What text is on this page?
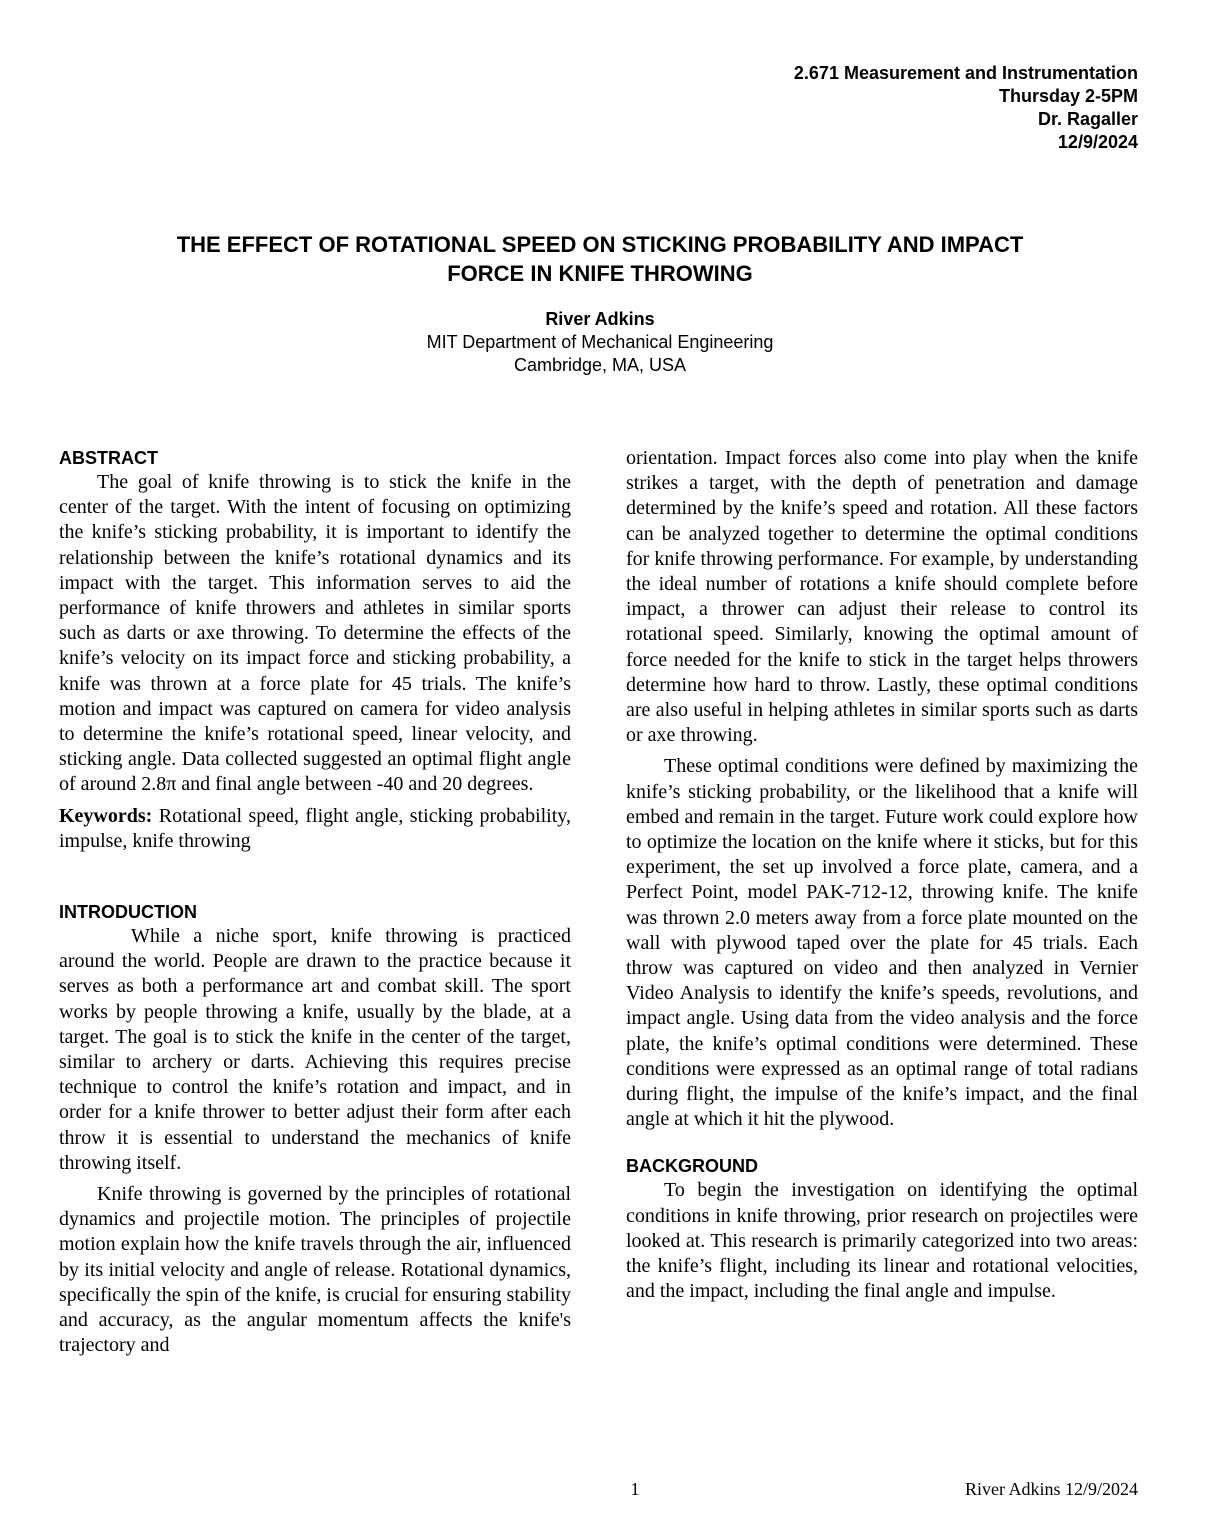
2.671 Measurement and Instrumentation
Thursday 2-5PM
Dr. Ragaller
12/9/2024
THE EFFECT OF ROTATIONAL SPEED ON STICKING PROBABILITY AND IMPACT
FORCE IN KNIFE THROWING
River Adkins
MIT Department of Mechanical Engineering
Cambridge, MA, USA
ABSTRACT

The goal of knife throwing is to stick the knife in the center of the target. With the intent of focusing on optimizing the knife’s sticking probability, it is important to identify the relationship between the knife’s rotational dynamics and its impact with the target. This information serves to aid the performance of knife throwers and athletes in similar sports such as darts or axe throwing. To determine the effects of the knife’s velocity on its impact force and sticking probability, a knife was thrown at a force plate for 45 trials. The knife’s motion and impact was captured on camera for video analysis to determine the knife’s rotational speed, linear velocity, and sticking angle. Data collected suggested an optimal flight angle of around 2.8π and final angle between -40 and 20 degrees.

Keywords: Rotational speed, flight angle, sticking probability, impulse, knife throwing

INTRODUCTION

While a niche sport, knife throwing is practiced around the world. People are drawn to the practice because it serves as both a performance art and combat skill. The sport works by people throwing a knife, usually by the blade, at a target. The goal is to stick the knife in the center of the target, similar to archery or darts. Achieving this requires precise technique to control the knife’s rotation and impact, and in order for a knife thrower to better adjust their form after each throw it is essential to understand the mechanics of knife throwing itself.

Knife throwing is governed by the principles of rotational dynamics and projectile motion. The principles of projectile motion explain how the knife travels through the air, influenced by its initial velocity and angle of release. Rotational dynamics, specifically the spin of the knife, is crucial for ensuring stability and accuracy, as the angular momentum affects the knife's trajectory and

orientation. Impact forces also come into play when the knife strikes a target, with the depth of penetration and damage determined by the knife’s speed and rotation. All these factors can be analyzed together to determine the optimal conditions for knife throwing performance. For example, by understanding the ideal number of rotations a knife should complete before impact, a thrower can adjust their release to control its rotational speed. Similarly, knowing the optimal amount of force needed for the knife to stick in the target helps throwers determine how hard to throw. Lastly, these optimal conditions are also useful in helping athletes in similar sports such as darts or axe throwing.

These optimal conditions were defined by maximizing the knife’s sticking probability, or the likelihood that a knife will embed and remain in the target. Future work could explore how to optimize the location on the knife where it sticks, but for this experiment, the set up involved a force plate, camera, and a Perfect Point, model PAK-712-12, throwing knife. The knife was thrown 2.0 meters away from a force plate mounted on the wall with plywood taped over the plate for 45 trials. Each throw was captured on video and then analyzed in Vernier Video Analysis to identify the knife’s speeds, revolutions, and impact angle. Using data from the video analysis and the force plate, the knife’s optimal conditions were determined. These conditions were expressed as an optimal range of total radians during flight, the impulse of the knife’s impact, and the final angle at which it hit the plywood.

BACKGROUND

To begin the investigation on identifying the optimal conditions in knife throwing, prior research on projectiles were looked at. This research is primarily categorized into two areas: the knife’s flight, including its linear and rotational velocities, and the impact, including the final angle and impulse.

1	River Adkins 12/9/2024
